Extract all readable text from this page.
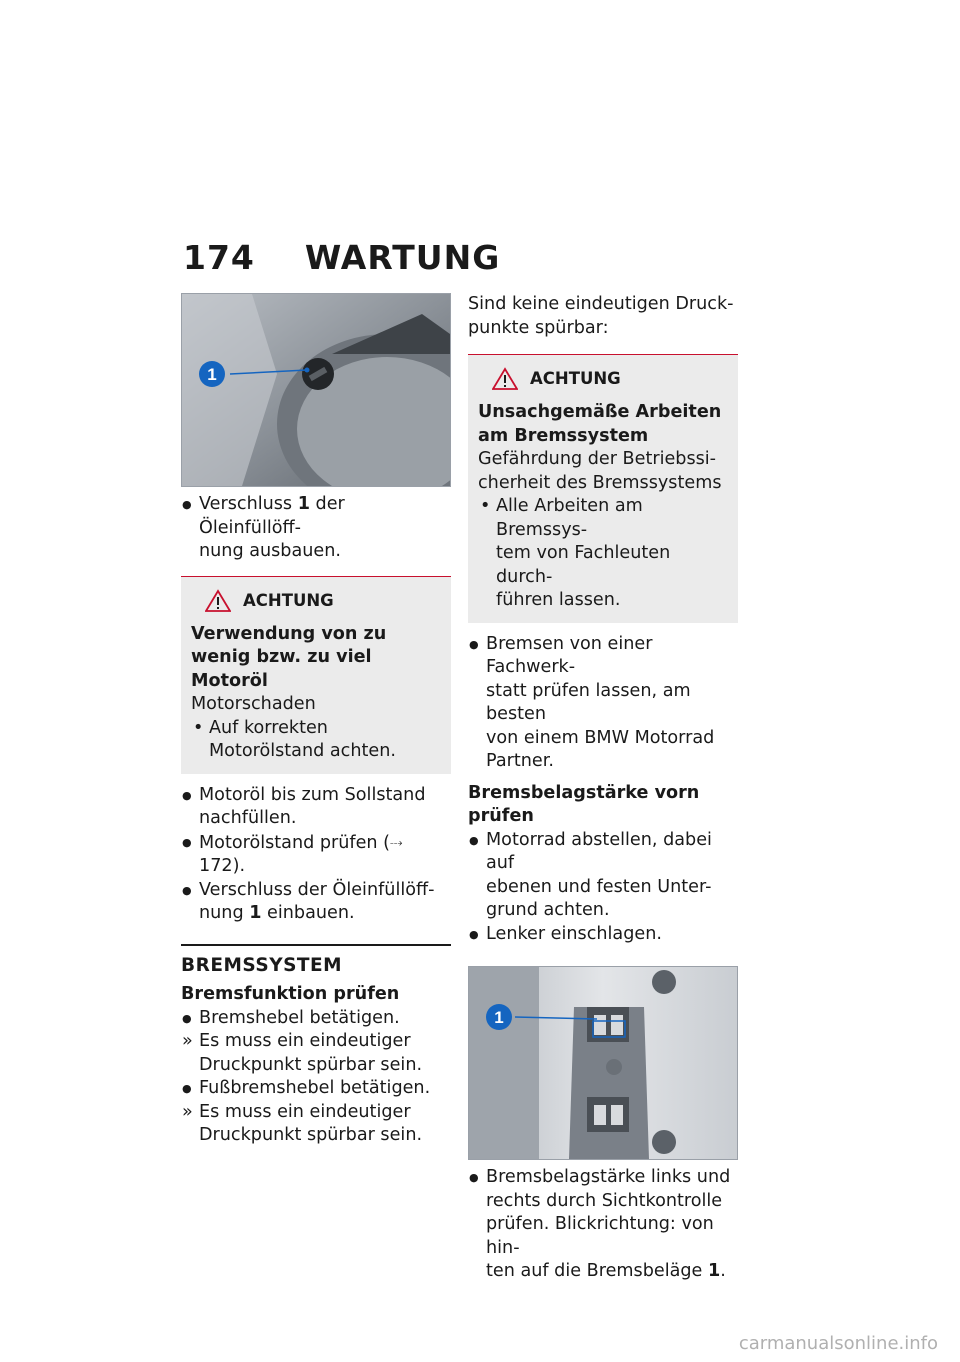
174 WARTUNG
1

● Verschluss 1 der Öleinfüllöff-
nung ausbauen.

ACHTUNG
Verwendung von zu wenig bzw. zu viel Motoröl
Motorschaden
• Auf korrekten Motorölstand achten.

● Motoröl bis zum Sollstand nachfüllen.

● Motorölstand prüfen (⤏ 172).

● Verschluss der Öleinfüllöff-
nung 1 einbauen.

BREMSSYSTEM
Bremsfunktion prüfen

● Bremshebel betätigen.

» Es muss ein eindeutiger Druckpunkt spürbar sein.

● Fußbremshebel betätigen.

» Es muss ein eindeutiger Druckpunkt spürbar sein.

Sind keine eindeutigen Druck-
punkte spürbar:

ACHTUNG
Unsachgemäße Arbeiten am Bremssystem
Gefährdung der Betriebssi-
cherheit des Bremssystems
• Alle Arbeiten am Bremssys-
tem von Fachleuten durch-
führen lassen.

● Bremsen von einer Fachwerk-
statt prüfen lassen, am besten
von einem BMW Motorrad
Partner.

Bremsbelagstärke vorn prüfen

● Motorrad abstellen, dabei auf
ebenen und festen Unter-
grund achten.

● Lenker einschlagen.

1

● Bremsbelagstärke links und
rechts durch Sichtkontrolle
prüfen. Blickrichtung: von hin-
ten auf die Bremsbeläge 1.

carmanualsonline.info
